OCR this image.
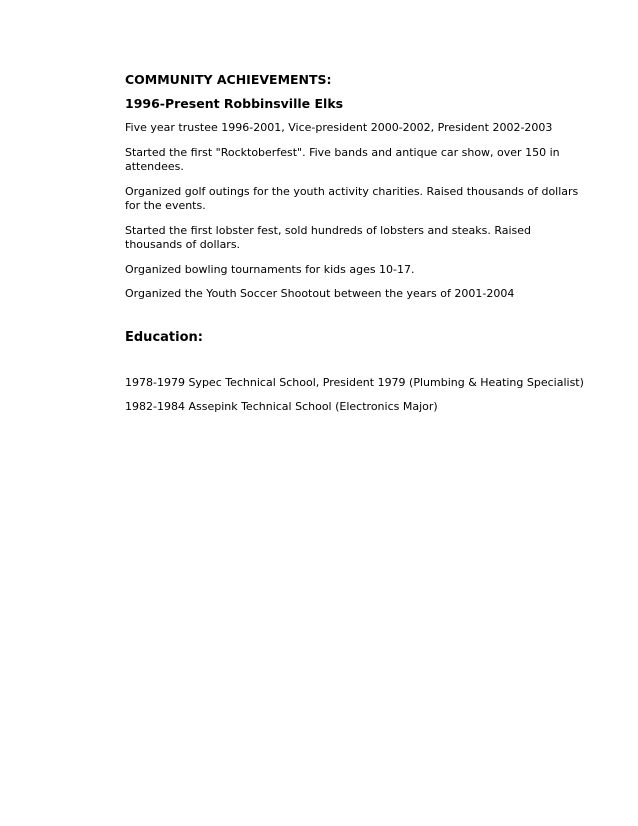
COMMUNITY ACHIEVEMENTS:
1996-Present Robbinsville Elks
Five year trustee 1996-2001, Vice-president 2000-2002, President 2002-2003
Started the first "Rocktoberfest". Five bands and antique car show, over 150 in attendees.
Organized golf outings for the youth activity charities. Raised thousands of dollars for the events.
Started the first lobster fest, sold hundreds of lobsters and steaks. Raised thousands of dollars.
Organized bowling tournaments for kids ages 10-17.
Organized the Youth Soccer Shootout between the years of 2001-2004
Education:
1978-1979 Sypec Technical School, President 1979 (Plumbing & Heating Specialist)
1982-1984 Assepink Technical School (Electronics Major)
